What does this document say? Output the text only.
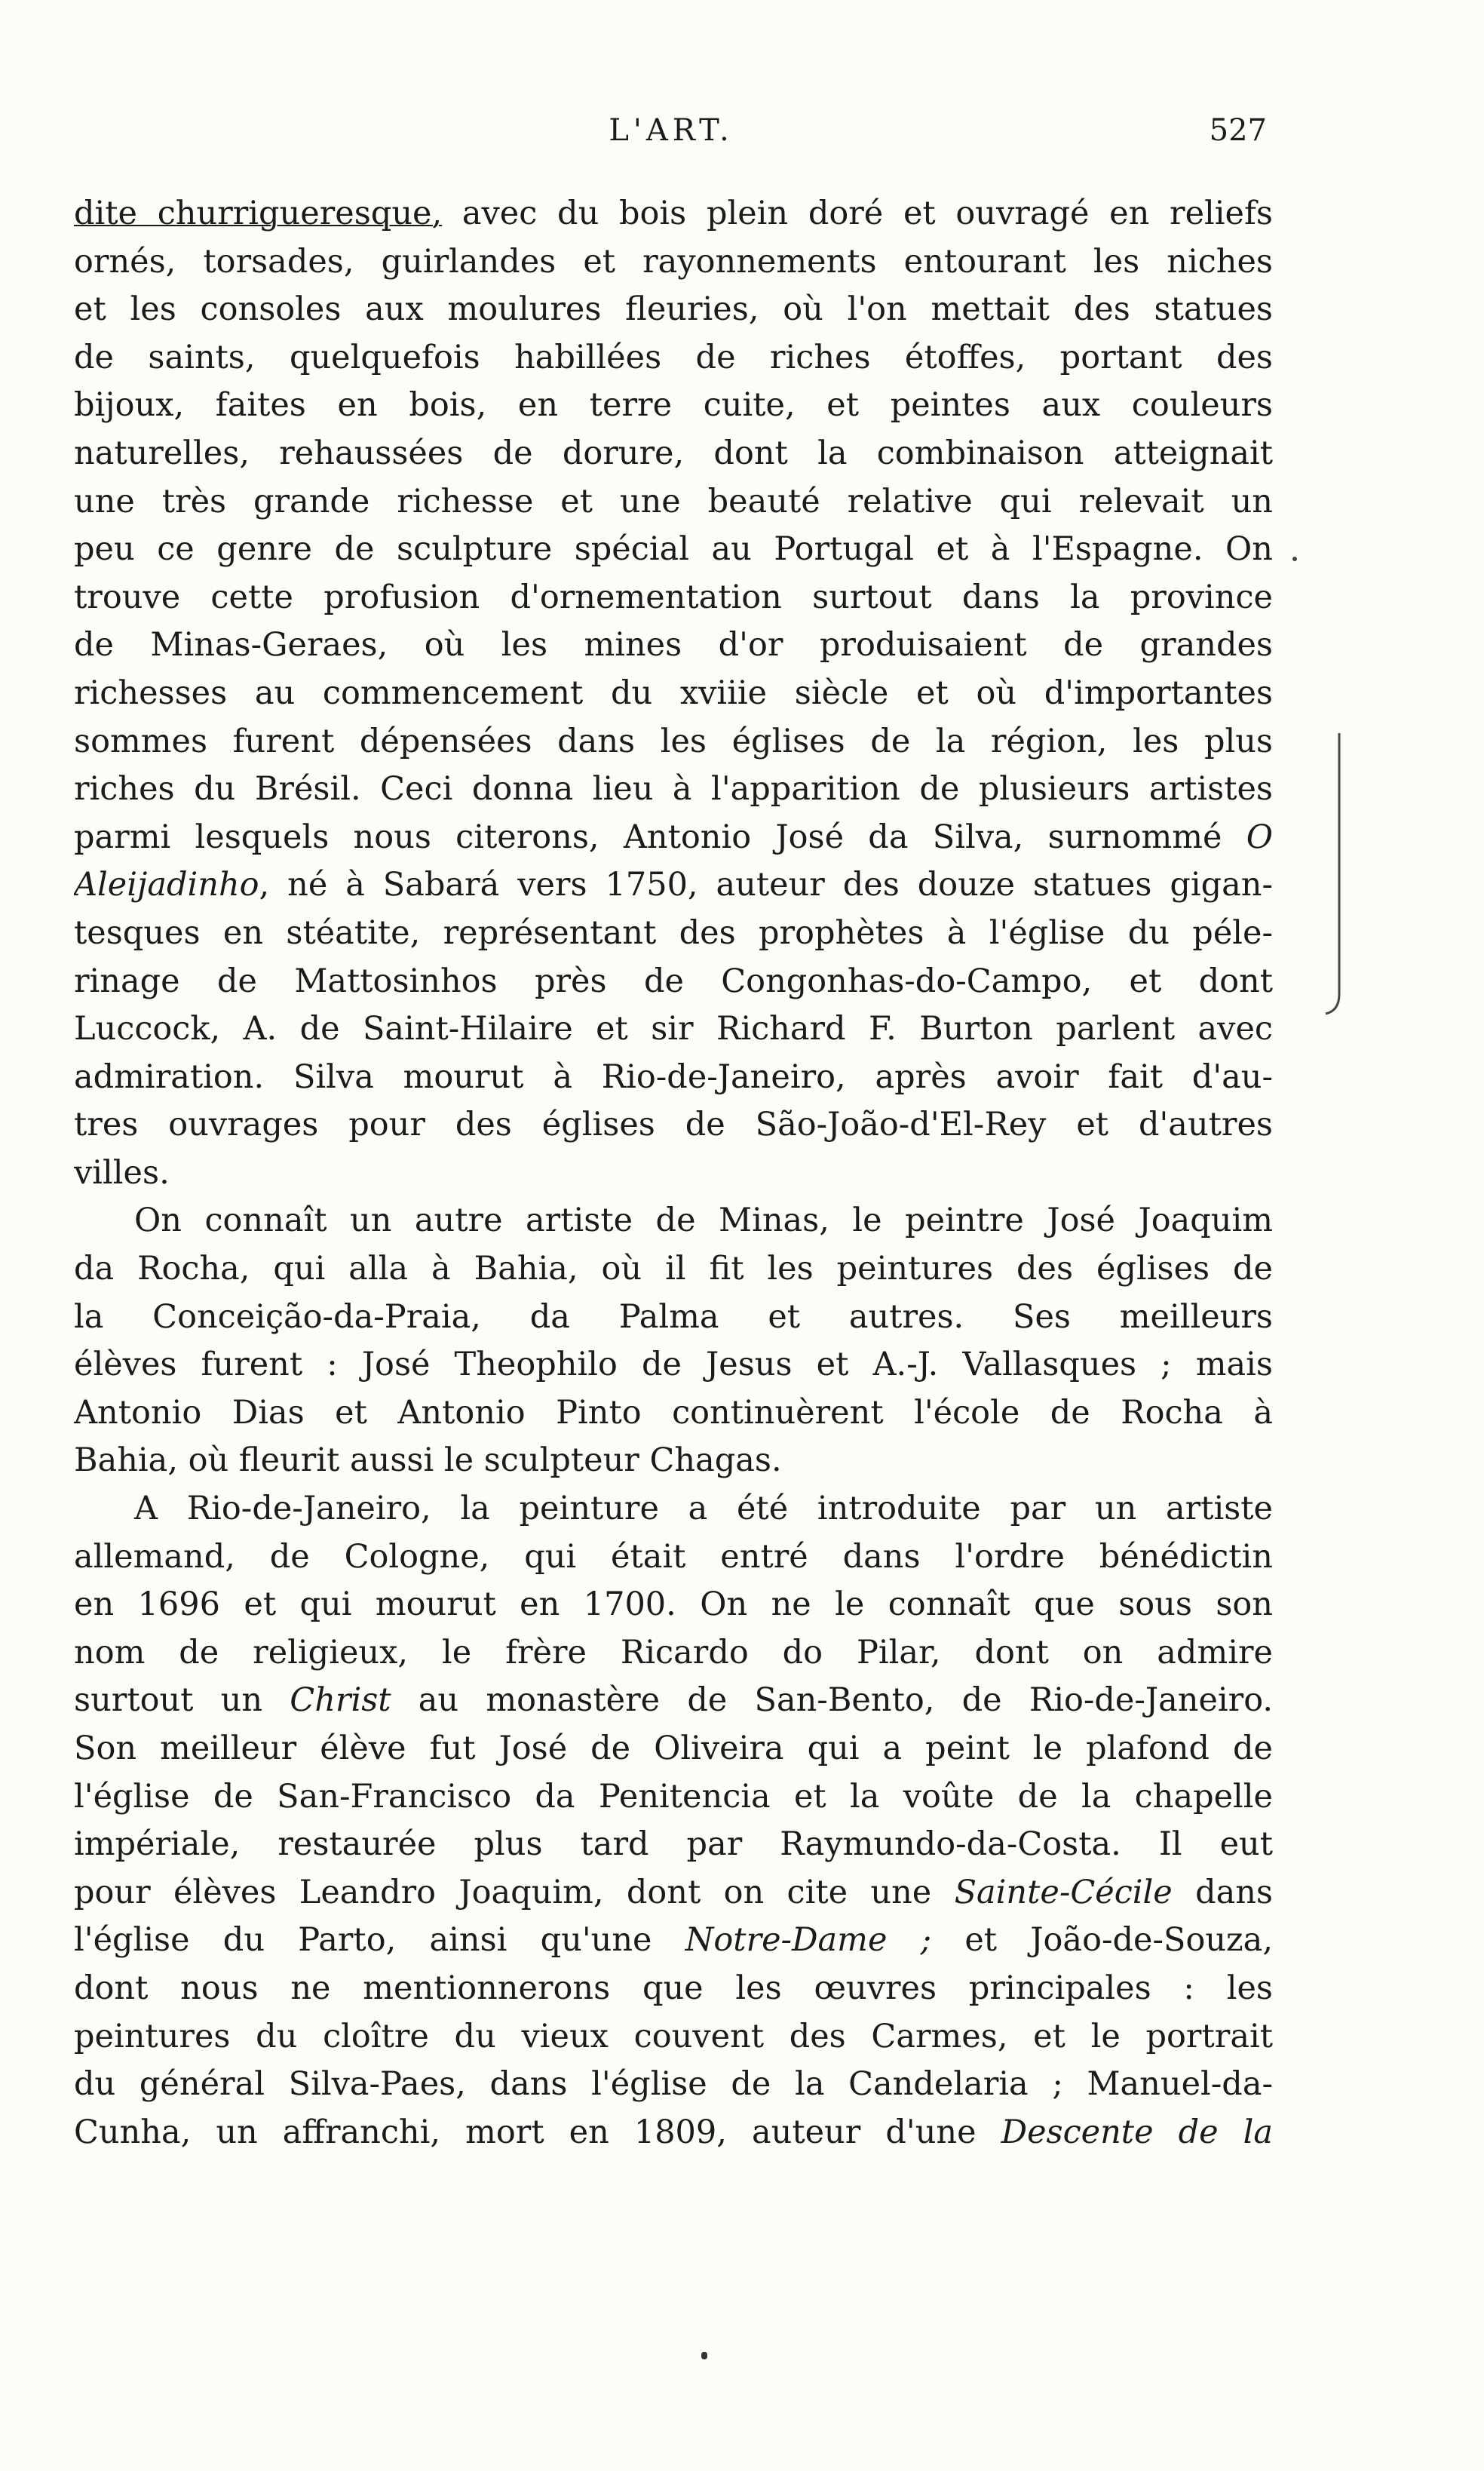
L'ART.	527
dite churrigueresque, avec du bois plein doré et ouvragé en reliefs
ornés, torsades, guirlandes et rayonnements entourant les niches
et les consoles aux moulures fleuries, où l'on mettait des statues
de saints, quelquefois habillées de riches étoffes, portant des
bijoux, faites en bois, en terre cuite, et peintes aux couleurs
naturelles, rehaussées de dorure, dont la combinaison atteignait
une très grande richesse et une beauté relative qui relevait un
peu ce genre de sculpture spécial au Portugal et à l'Espagne. On
trouve cette profusion d'ornementation surtout dans la province
de Minas-Geraes, où les mines d'or produisaient de grandes
richesses au commencement du xviiie siècle et où d'importantes
sommes furent dépensées dans les églises de la région, les plus
riches du Brésil. Ceci donna lieu à l'apparition de plusieurs artistes
parmi lesquels nous citerons, Antonio José da Silva, surnommé O
Aleijadinho, né à Sabará vers 1750, auteur des douze statues gigan-
tesques en stéatite, représentant des prophètes à l'église du péle-
rinage de Mattosinhos près de Congonhas-do-Campo, et dont
Luccock, A. de Saint-Hilaire et sir Richard F. Burton parlent avec
admiration. Silva mourut à Rio-de-Janeiro, après avoir fait d'au-
tres ouvrages pour des églises de São-João-d'El-Rey et d'autres
villes.
On connaît un autre artiste de Minas, le peintre José Joaquim
da Rocha, qui alla à Bahia, où il fit les peintures des églises de
la Conceição-da-Praia, da Palma et autres. Ses meilleurs
élèves furent : José Theophilo de Jesus et A.-J. Vallasques ; mais
Antonio Dias et Antonio Pinto continuèrent l'école de Rocha à
Bahia, où fleurit aussi le sculpteur Chagas.
A Rio-de-Janeiro, la peinture a été introduite par un artiste
allemand, de Cologne, qui était entré dans l'ordre bénédictin
en 1696 et qui mourut en 1700. On ne le connaît que sous son
nom de religieux, le frère Ricardo do Pilar, dont on admire
surtout un Christ au monastère de San-Bento, de Rio-de-Janeiro.
Son meilleur élève fut José de Oliveira qui a peint le plafond de
l'église de San-Francisco da Penitencia et la voûte de la chapelle
impériale, restaurée plus tard par Raymundo-da-Costa. Il eut
pour élèves Leandro Joaquim, dont on cite une Sainte-Cécile dans
l'église du Parto, ainsi qu'une Notre-Dame ; et João-de-Souza,
dont nous ne mentionnerons que les œuvres principales : les
peintures du cloître du vieux couvent des Carmes, et le portrait
du général Silva-Paes, dans l'église de la Candelaria ; Manuel-da-
Cunha, un affranchi, mort en 1809, auteur d'une Descente de la
